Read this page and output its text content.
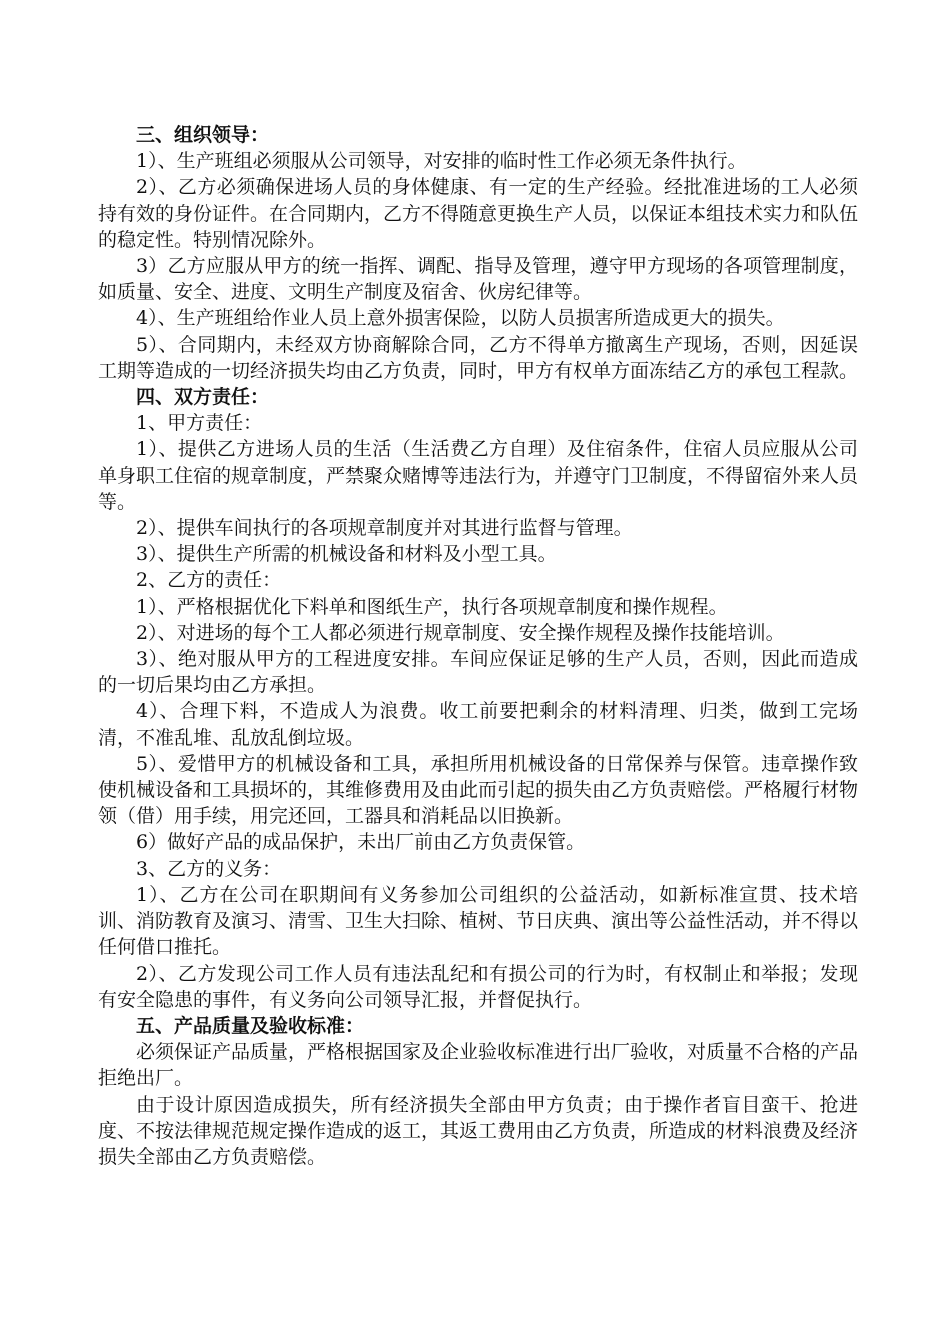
三、组织领导：

1）、生产班组必须服从公司领导，对安排的临时性工作必须无条件执行。

2）、乙方必须确保进场人员的身体健康、有一定的生产经验。经批准进场的工人必须持有效的身份证件。在合同期内，乙方不得随意更换生产人员，以保证本组技术实力和队伍的稳定性。特别情况除外。

3）乙方应服从甲方的统一指挥、调配、指导及管理，遵守甲方现场的各项管理制度，如质量、安全、进度、文明生产制度及宿舍、伙房纪律等。

4）、生产班组给作业人员上意外损害保险，以防人员损害所造成更大的损失。

5）、合同期内，未经双方协商解除合同，乙方不得单方撤离生产现场，否则，因延误工期等造成的一切经济损失均由乙方负责，同时，甲方有权单方面冻结乙方的承包工程款。

四、双方责任：

1、甲方责任：

1）、提供乙方进场人员的生活（生活费乙方自理）及住宿条件，住宿人员应服从公司单身职工住宿的规章制度，严禁聚众赌博等违法行为，并遵守门卫制度，不得留宿外来人员等。

2）、提供车间执行的各项规章制度并对其进行监督与管理。

3）、提供生产所需的机械设备和材料及小型工具。

2、乙方的责任：

1）、严格根据优化下料单和图纸生产，执行各项规章制度和操作规程。

2）、对进场的每个工人都必须进行规章制度、安全操作规程及操作技能培训。

3）、绝对服从甲方的工程进度安排。车间应保证足够的生产人员，否则，因此而造成的一切后果均由乙方承担。

4）、合理下料，不造成人为浪费。收工前要把剩余的材料清理、归类，做到工完场清，不准乱堆、乱放乱倒垃圾。

5）、爱惜甲方的机械设备和工具，承担所用机械设备的日常保养与保管。违章操作致使机械设备和工具损坏的，其维修费用及由此而引起的损失由乙方负责赔偿。严格履行材物领（借）用手续，用完还回，工器具和消耗品以旧换新。

6）做好产品的成品保护，未出厂前由乙方负责保管。

3、乙方的义务：

1）、乙方在公司在职期间有义务参加公司组织的公益活动，如新标准宣贯、技术培训、消防教育及演习、清雪、卫生大扫除、植树、节日庆典、演出等公益性活动，并不得以任何借口推托。

2）、乙方发现公司工作人员有违法乱纪和有损公司的行为时，有权制止和举报；发现有安全隐患的事件，有义务向公司领导汇报，并督促执行。

五、产品质量及验收标准：

必须保证产品质量，严格根据国家及企业验收标准进行出厂验收，对质量不合格的产品拒绝出厂。

由于设计原因造成损失，所有经济损失全部由甲方负责；由于操作者盲目蛮干、抢进度、不按法律规范规定操作造成的返工，其返工费用由乙方负责，所造成的材料浪费及经济损失全部由乙方负责赔偿。
